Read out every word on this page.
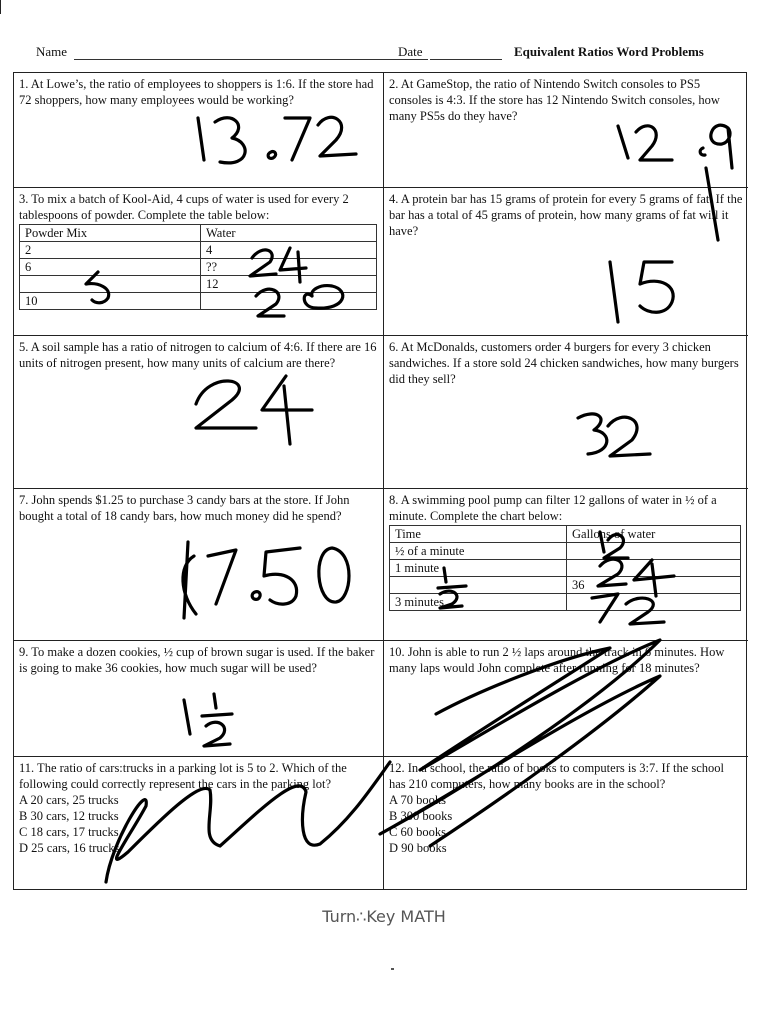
Name	Date	Equivalent Ratios Word Problems

1. At Lowe’s, the ratio of employees to shoppers is 1:6. If the store had 72 shoppers, how many employees would be working?

2. At GameStop, the ratio of Nintendo Switch consoles to PS5 consoles is 4:3. If the store has 12 Nintendo Switch consoles, how many PS5s do they have?

3. To mix a batch of Kool-Aid, 4 cups of water is used for every 2 tablespoons of powder. Complete the table below:

Powder Mix	Water
2	4
6	??
	12
10	

4. A protein bar has 15 grams of protein for every 5 grams of fat. If the bar has a total of 45 grams of protein, how many grams of fat will it have?

5. A soil sample has a ratio of nitrogen to calcium of 4:6. If there are 16 units of nitrogen present, how many units of calcium are there?

6. At McDonalds, customers order 4 burgers for every 3 chicken sandwiches. If a store sold 24 chicken sandwiches, how many burgers did they sell?

7. John spends $1.25 to purchase 3 candy bars at the store. If John bought a total of 18 candy bars, how much money did he spend?

8. A swimming pool pump can filter 12 gallons of water in ½ of a minute. Complete the chart below:

Time	Gallons of water
½ of a minute	
1 minute	
	36
3 minutes	

9. To make a dozen cookies, ½ cup of brown sugar is used. If the baker is going to make 36 cookies, how much sugar will be used?

10. John is able to run 2 ½ laps around the track in 6 minutes. How many laps would John complete after running for 18 minutes?

11. The ratio of cars:trucks in a parking lot is 5 to 2. Which of the following could correctly represent the cars in the parking lot?

A 20 cars, 25 trucks
B 30 cars, 12 trucks
C 18 cars, 17 trucks
D 25 cars, 16 trucks

12. In a school, the ratio of books to computers is 3:7. If the school has 210 computers, how many books are in the school?

A 70 books
B 300 books
C 60 books
D 90 books
Turn∴Key MATH
